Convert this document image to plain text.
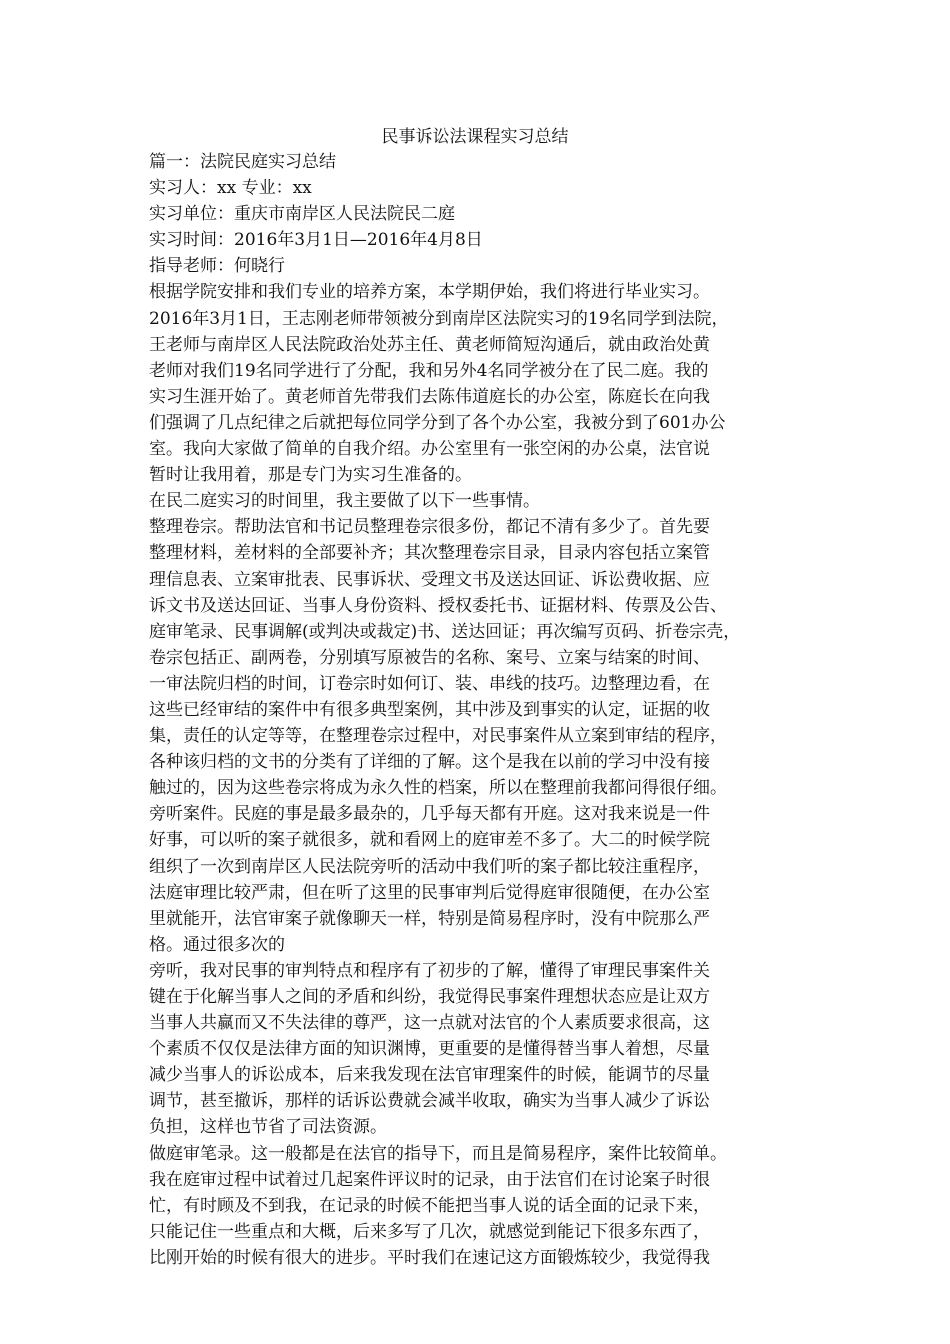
民事诉讼法课程实习总结
篇一：法院民庭实习总结
实习人：xx 专业：xx
实习单位：重庆市南岸区人民法院民二庭
实习时间：2016年3月1日—2016年4月8日
指导老师：何晓行
根据学院安排和我们专业的培养方案，本学期伊始，我们将进行毕业实习。
2016年3月1日，王志刚老师带领被分到南岸区法院实习的19名同学到法院，
王老师与南岸区人民法院政治处苏主任、黄老师简短沟通后，就由政治处黄
老师对我们19名同学进行了分配，我和另外4名同学被分在了民二庭。我的
实习生涯开始了。黄老师首先带我们去陈伟道庭长的办公室，陈庭长在向我
们强调了几点纪律之后就把每位同学分到了各个办公室，我被分到了601办公
室。我向大家做了简单的自我介绍。办公室里有一张空闲的办公桌，法官说
暂时让我用着，那是专门为实习生准备的。
在民二庭实习的时间里，我主要做了以下一些事情。
整理卷宗。帮助法官和书记员整理卷宗很多份，都记不清有多少了。首先要
整理材料，差材料的全部要补齐；其次整理卷宗目录，目录内容包括立案管
理信息表、立案审批表、民事诉状、受理文书及送达回证、诉讼费收据、应
诉文书及送达回证、当事人身份资料、授权委托书、证据材料、传票及公告、
庭审笔录、民事调解(或判决或裁定)书、送达回证；再次编写页码、折卷宗壳，
卷宗包括正、副两卷，分别填写原被告的名称、案号、立案与结案的时间、
一审法院归档的时间，订卷宗时如何订、装、串线的技巧。边整理边看，在
这些已经审结的案件中有很多典型案例，其中涉及到事实的认定，证据的收
集，责任的认定等等，在整理卷宗过程中，对民事案件从立案到审结的程序，
各种该归档的文书的分类有了详细的了解。这个是我在以前的学习中没有接
触过的，因为这些卷宗将成为永久性的档案，所以在整理前我都问得很仔细。
旁听案件。民庭的事是最多最杂的，几乎每天都有开庭。这对我来说是一件
好事，可以听的案子就很多，就和看网上的庭审差不多了。大二的时候学院
组织了一次到南岸区人民法院旁听的活动中我们听的案子都比较注重程序，
法庭审理比较严肃，但在听了这里的民事审判后觉得庭审很随便，在办公室
里就能开，法官审案子就像聊天一样，特别是简易程序时，没有中院那么严
格。通过很多次的
旁听，我对民事的审判特点和程序有了初步的了解，懂得了审理民事案件关
键在于化解当事人之间的矛盾和纠纷，我觉得民事案件理想状态应是让双方
当事人共赢而又不失法律的尊严，这一点就对法官的个人素质要求很高，这
个素质不仅仅是法律方面的知识渊博，更重要的是懂得替当事人着想，尽量
减少当事人的诉讼成本，后来我发现在法官审理案件的时候，能调节的尽量
调节，甚至撤诉，那样的话诉讼费就会减半收取，确实为当事人减少了诉讼
负担，这样也节省了司法资源。
做庭审笔录。这一般都是在法官的指导下，而且是简易程序，案件比较简单。
我在庭审过程中试着过几起案件评议时的记录，由于法官们在讨论案子时很
忙，有时顾及不到我，在记录的时候不能把当事人说的话全面的记录下来，
只能记住一些重点和大概，后来多写了几次，就感觉到能记下很多东西了，
比刚开始的时候有很大的进步。平时我们在速记这方面锻炼较少，我觉得我
